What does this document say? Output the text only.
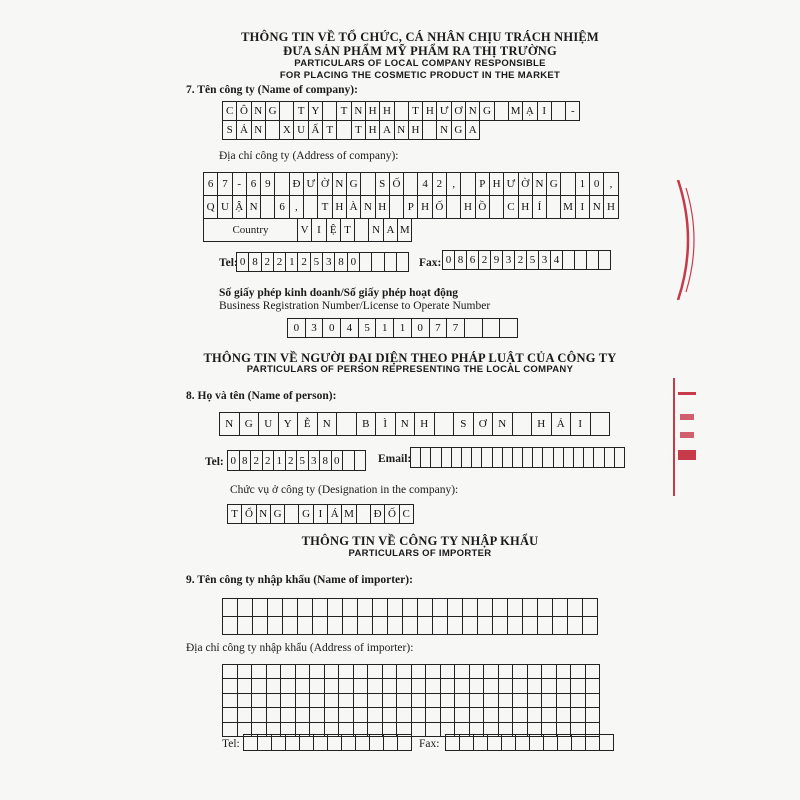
THÔNG TIN VỀ TỔ CHỨC, CÁ NHÂN CHỊU TRÁCH NHIỆM
ĐƯA SẢN PHẨM MỸ PHẨM RA THỊ TRƯỜNG
PARTICULARS OF LOCAL COMPANY RESPONSIBLE
FOR PLACING THE COSMETIC PRODUCT IN THE MARKET
7. Tên công ty (Name of company):
C Ô N G	T Y	T N H H	T H Ư Ơ N G	M Ạ I	-
S Ả N	X U Ấ T	T H A N H	N G A
Địa chỉ công ty (Address of company):
6 7 - 6 9	Đ Ư Ờ N G	S Ố	4 2 ,	P H Ư Ờ N G	1 0 ,
Q U Ậ N	6 ,	T H À N H	P H Ố	H Ồ	C H Í	M I N H
Country	V I Ệ T	N A M
Tel: 0 8 2 2 1 2 5 3 8 0	Fax: 0 8 6 2 9 3 2 5 3 4
Số giấy phép kinh doanh/Số giấy phép hoạt động
Business Registration Number/License to Operate Number
0	3	0	4	5	1	1	0	7	7
THÔNG TIN VỀ NGƯỜI ĐẠI DIỆN THEO PHÁP LUẬT CỦA CÔNG TY
PARTICULARS OF PERSON REPRESENTING THE LOCAL COMPANY
8. Họ và tên (Name of person):
N	G	U	Y	Ễ	N	B	Ì	N	H	S	Ơ	N	H	Ả	I
Tel: 0 8 2 2 1 2 5 3 8 0	Email:
Chức vụ ở công ty (Designation in the company):
T Ổ N G	G I Á M Đ Ố C
THÔNG TIN VỀ CÔNG TY NHẬP KHẨU
PARTICULARS OF IMPORTER
9. Tên công ty nhập khẩu (Name of importer):
Địa chỉ công ty nhập khẩu (Address of importer):
Tel:	Fax:
